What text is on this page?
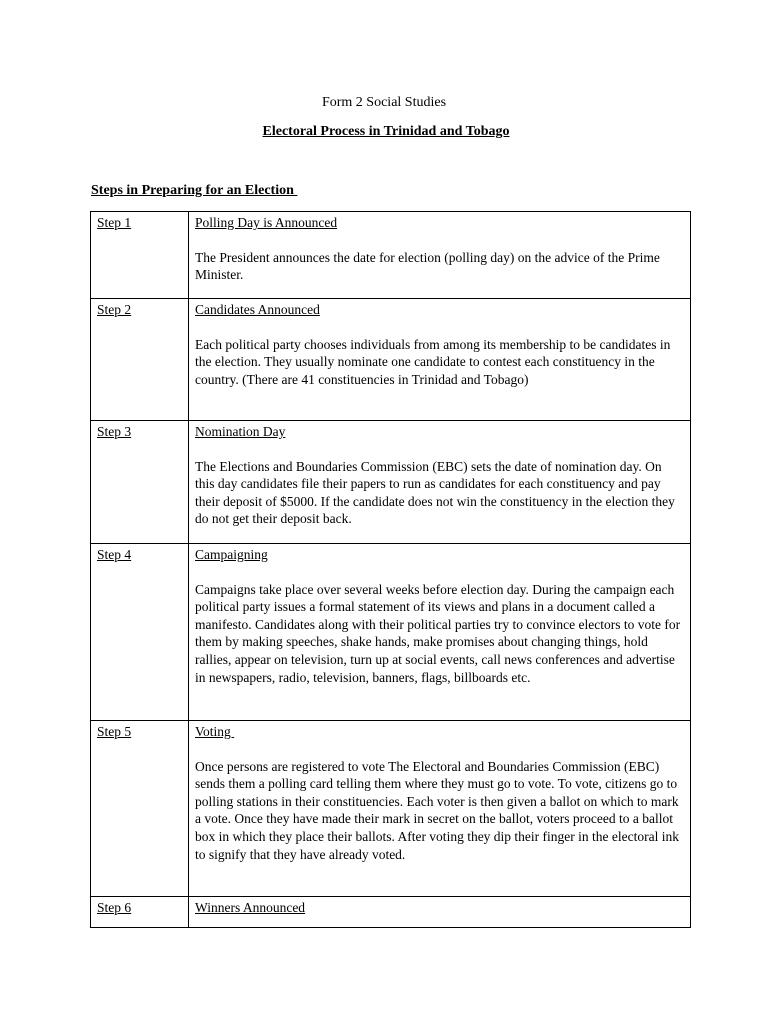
Form 2 Social Studies
Electoral Process in Trinidad and Tobago
Steps in Preparing for an Election
Step 1	Polling Day is Announced

The President announces the date for election (polling day) on the advice of the Prime Minister.

Step 2	Candidates Announced

Each political party chooses individuals from among its membership to be candidates in the election. They usually nominate one candidate to contest each constituency in the country. (There are 41 constituencies in Trinidad and Tobago)

Step 3	Nomination Day

The Elections and Boundaries Commission (EBC) sets the date of nomination day. On this day candidates file their papers to run as candidates for each constituency and pay their deposit of $5000. If the candidate does not win the constituency in the election they do not get their deposit back.

Step 4	Campaigning

Campaigns take place over several weeks before election day. During the campaign each political party issues a formal statement of its views and plans in a document called a manifesto. Candidates along with their political parties try to convince electors to vote for them by making speeches, shake hands, make promises about changing things, hold rallies, appear on television, turn up at social events, call news conferences and advertise in newspapers, radio, television, banners, flags, billboards etc.

Step 5	Voting

Once persons are registered to vote The Electoral and Boundaries Commission (EBC) sends them a polling card telling them where they must go to vote. To vote, citizens go to polling stations in their constituencies. Each voter is then given a ballot on which to mark a vote. Once they have made their mark in secret on the ballot, voters proceed to a ballot box in which they place their ballots. After voting they dip their finger in the electoral ink to signify that they have already voted.

Step 6	Winners Announced
